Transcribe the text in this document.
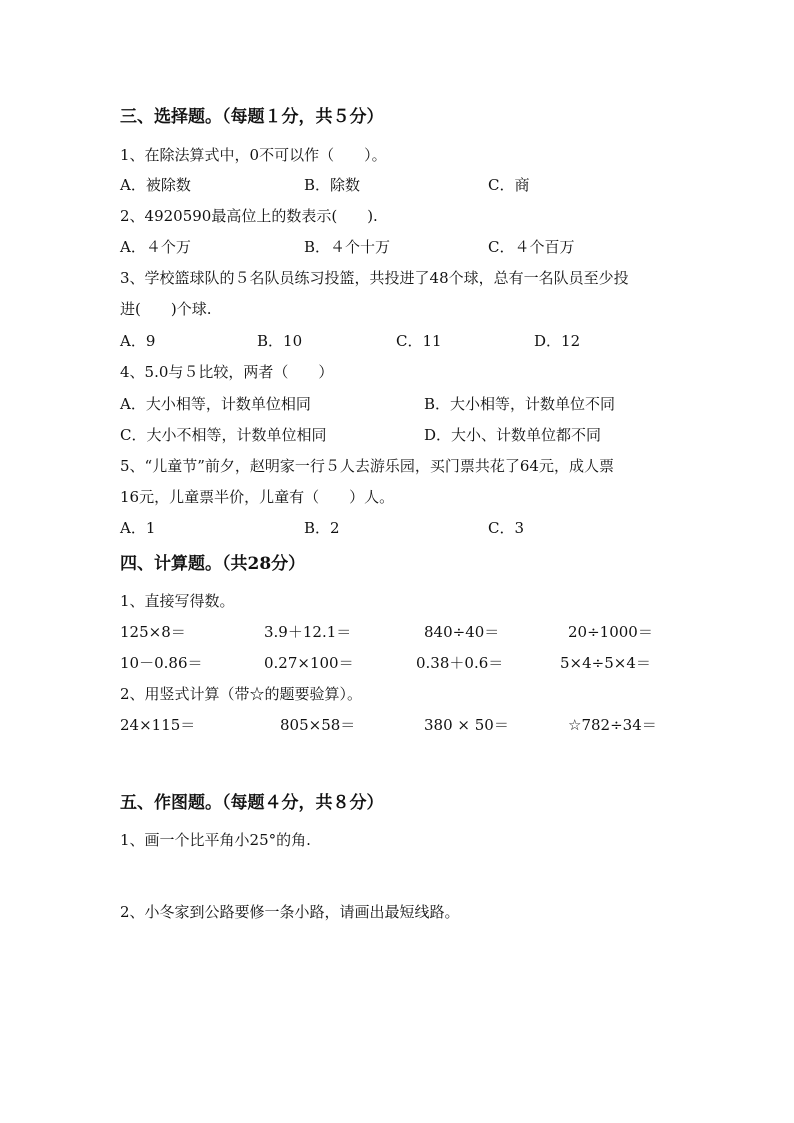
三、选择题。（每题１分，共５分）
1、在除法算式中，0不可以作（　　）。
A．被除数	B．除数	C．商
2、4920590最高位上的数表示(　　).
A．４个万	B．４个十万	C．４个百万
3、学校篮球队的５名队员练习投篮，共投进了48个球，总有一名队员至少投
进(　　)个球.
A．9	B．10	C．11	D．12
4、5.0与５比较，两者（　　）
A．大小相等，计数单位相同	B．大小相等，计数单位不同
C．大小不相等，计数单位相同	D．大小、计数单位都不同
5、“儿童节”前夕，赵明家一行５人去游乐园，买门票共花了64元，成人票
16元，儿童票半价，儿童有（　　）人。
A．1	B．2	C．3
四、计算题。（共28分）
1、直接写得数。
125×8＝	3.9＋12.1＝	840÷40＝	20÷1000＝
10－0.86＝	0.27×100＝	0.38＋0.6＝	5×4÷5×4＝
2、用竖式计算（带☆的题要验算）。
24×115＝	805×58＝	380 × 50＝	☆782÷34＝
五、作图题。（每题４分，共８分）
1、画一个比平角小25°的角.
2、小冬家到公路要修一条小路，请画出最短线路。
